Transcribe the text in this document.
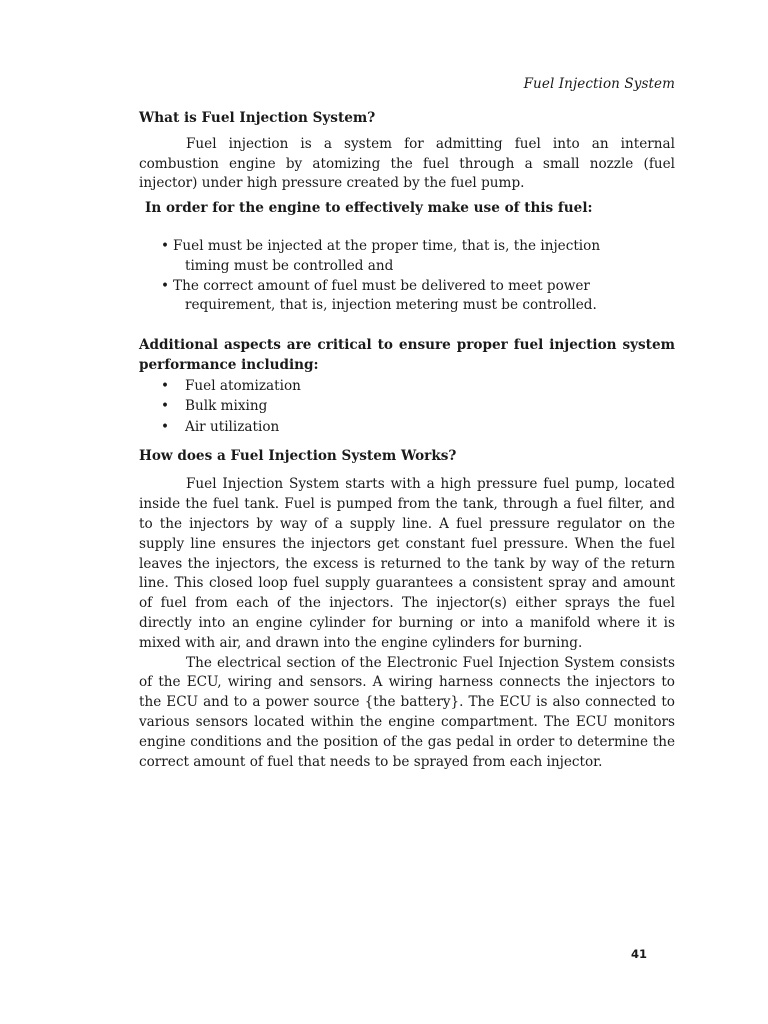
Fuel Injection System

What is Fuel Injection System?

Fuel injection is a system for admitting fuel into an internal combustion engine by atomizing the fuel through a small nozzle (fuel injector) under high pressure created by the fuel pump.

In order for the engine to effectively make use of this fuel:

• Fuel must be injected at the proper time, that is, the injection
timing must be controlled and
• The correct amount of fuel must be delivered to meet power
requirement, that is, injection metering must be controlled.

Additional aspects are critical to ensure proper fuel injection system performance including:

• Fuel atomization
• Bulk mixing
• Air utilization

How does a Fuel Injection System Works?

Fuel Injection System starts with a high pressure fuel pump, located inside the fuel tank. Fuel is pumped from the tank, through a fuel filter, and to the injectors by way of a supply line. A fuel pressure regulator on the supply line ensures the injectors get constant fuel pressure. When the fuel leaves the injectors, the excess is returned to the tank by way of the return line. This closed loop fuel supply guarantees a consistent spray and amount of fuel from each of the injectors. The injector(s) either sprays the fuel directly into an engine cylinder for burning or into a manifold where it is mixed with air, and drawn into the engine cylinders for burning.

The electrical section of the Electronic Fuel Injection System consists of the ECU, wiring and sensors. A wiring harness connects the injectors to the ECU and to a power source {the battery}. The ECU is also connected to various sensors located within the engine compartment. The ECU monitors engine conditions and the position of the gas pedal in order to determine the correct amount of fuel that needs to be sprayed from each injector.

41
